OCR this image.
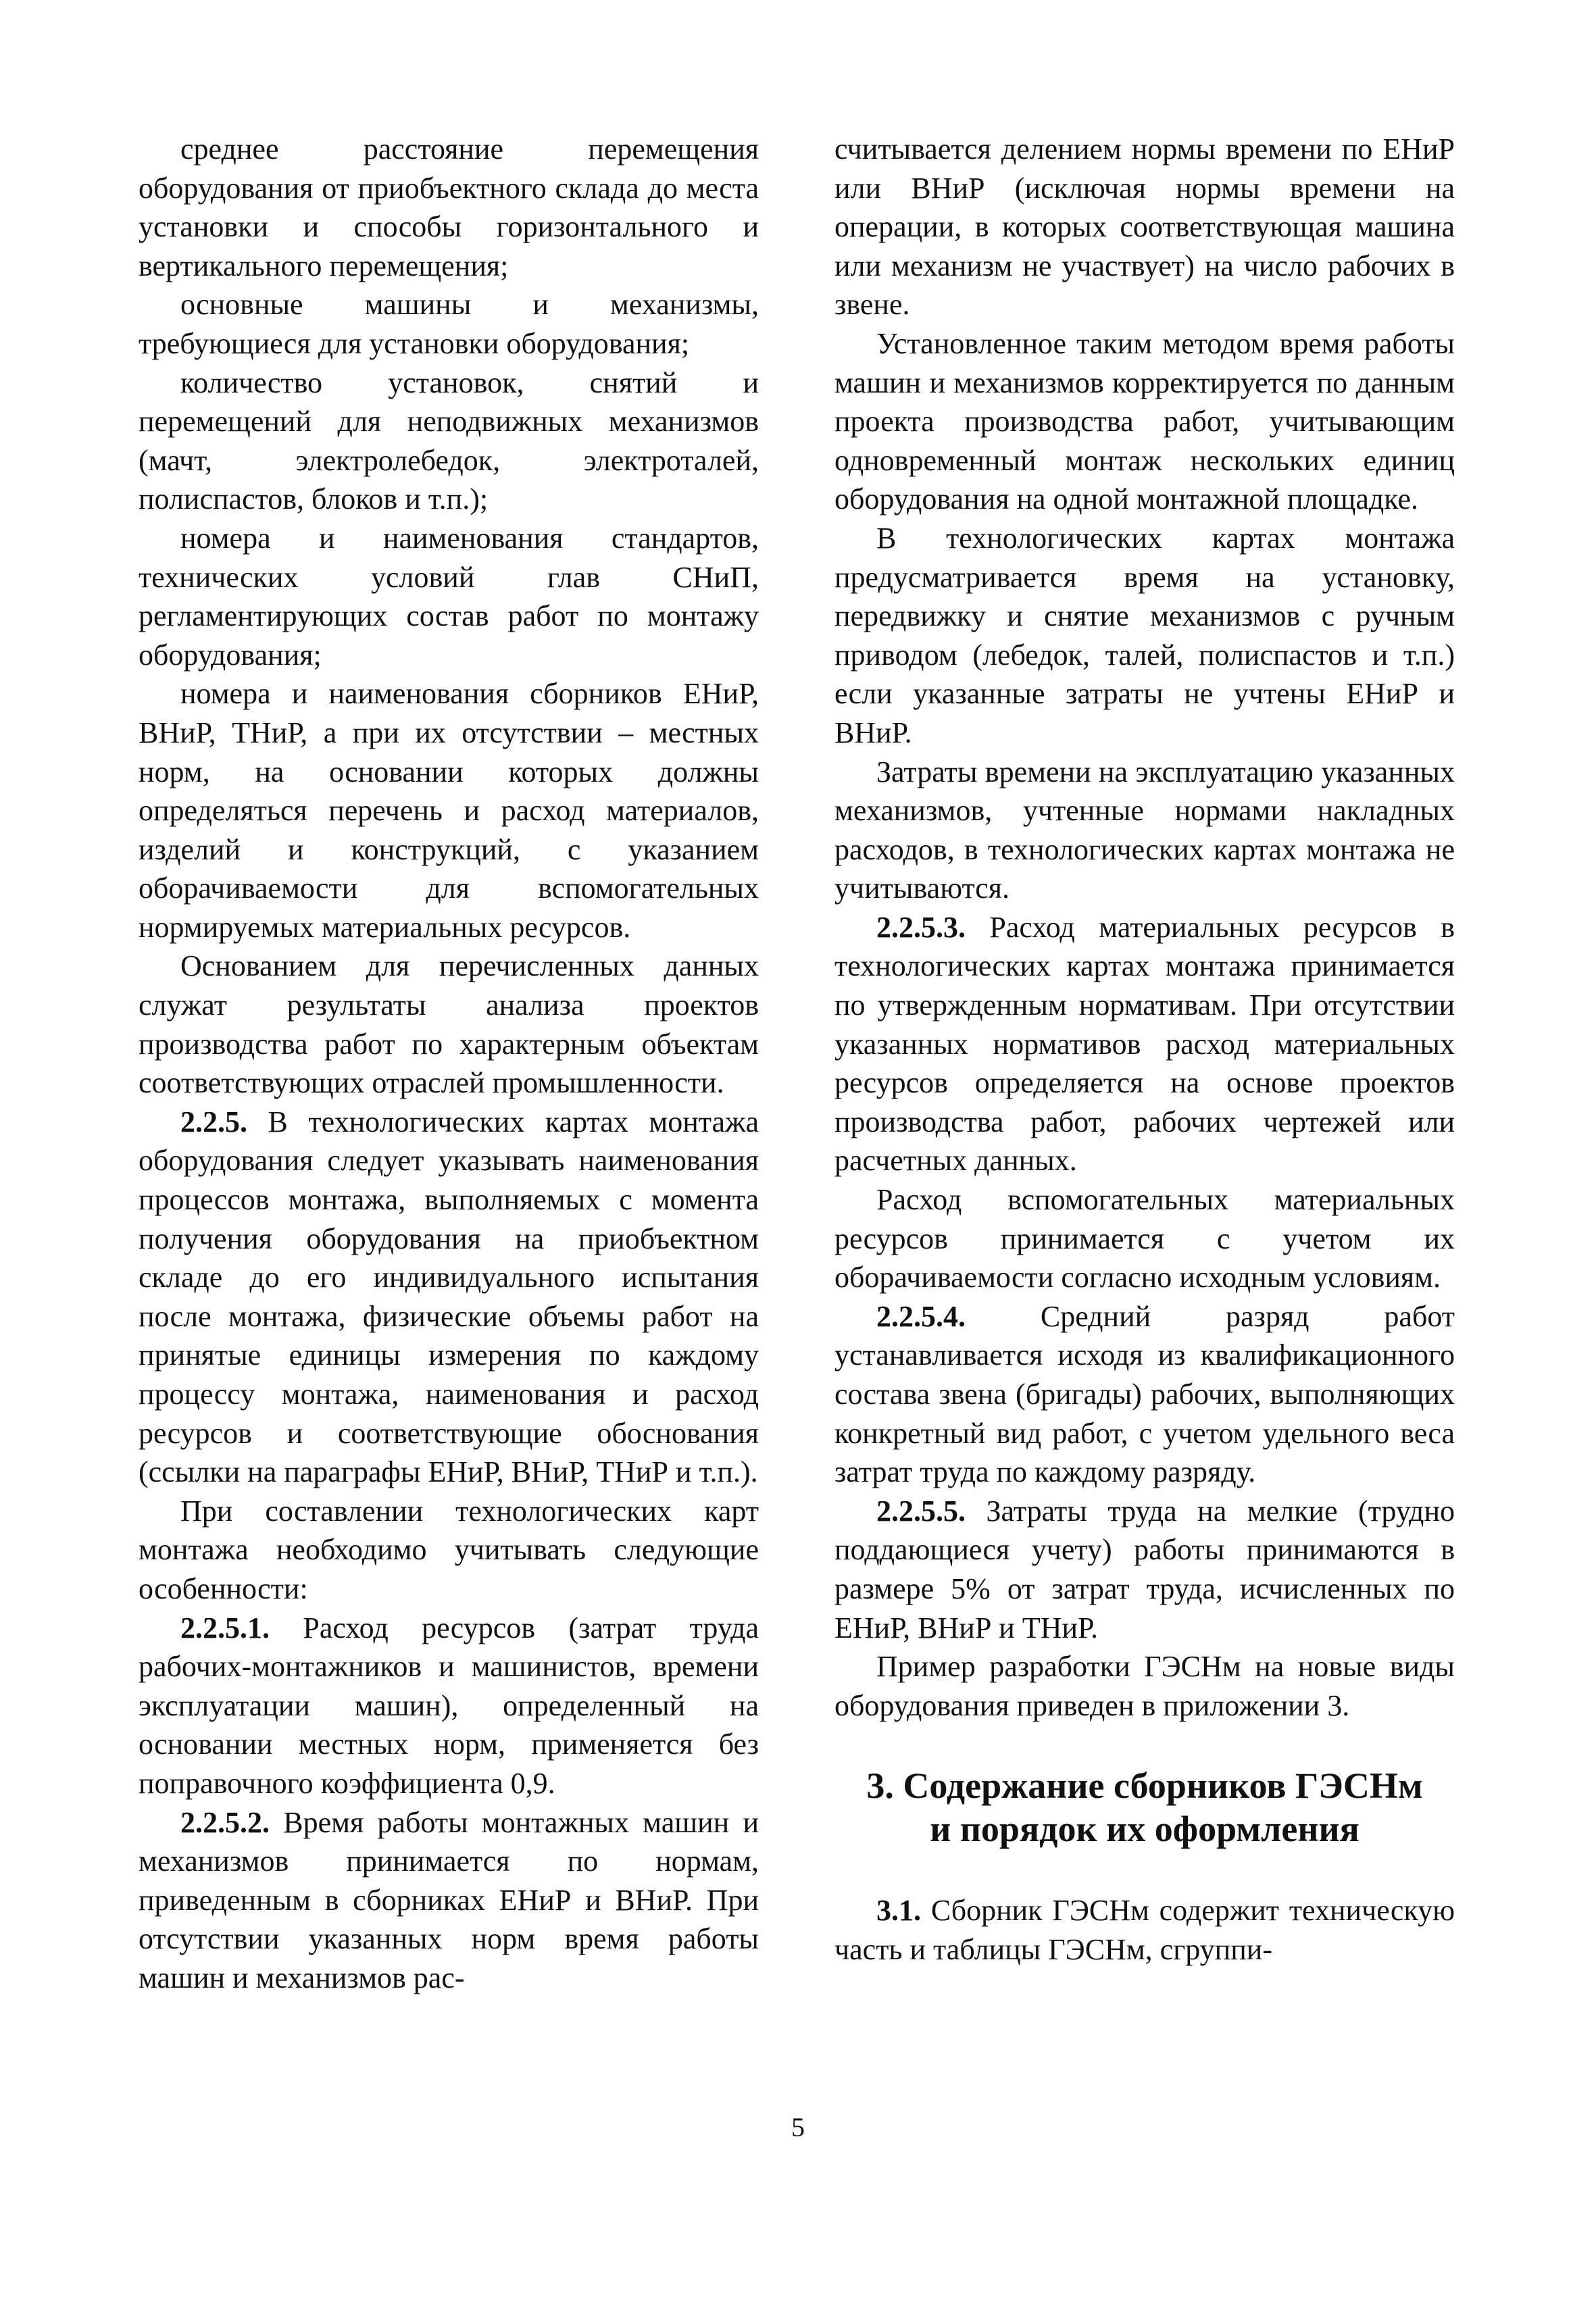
среднее расстояние перемещения оборудования от приобъектного склада до места установки и способы горизонтального и вертикального перемещения;

основные машины и механизмы, требующиеся для установки оборудования;

количество установок, снятий и перемещений для неподвижных механизмов (мачт, электролебедок, электроталей, полиспастов, блоков и т.п.);

номера и наименования стандартов, технических условий глав СНиП, регламентирующих состав работ по монтажу оборудования;

номера и наименования сборников ЕНиР, ВНиР, ТНиР, а при их отсутствии – местных норм, на основании которых должны определяться перечень и расход материалов, изделий и конструкций, с указанием оборачиваемости для вспомогательных нормируемых материальных ресурсов.

Основанием для перечисленных данных служат результаты анализа проектов производства работ по характерным объектам соответствующих отраслей промышленности.

2.2.5. В технологических картах монтажа оборудования следует указывать наименования процессов монтажа, выполняемых с момента получения оборудования на приобъектном складе до его индивидуального испытания после монтажа, физические объемы работ на принятые единицы измерения по каждому процессу монтажа, наименования и расход ресурсов и соответствующие обоснования (ссылки на параграфы ЕНиР, ВНиР, ТНиР и т.п.).

При составлении технологических карт монтажа необходимо учитывать следующие особенности:

2.2.5.1. Расход ресурсов (затрат труда рабочих-монтажников и машинистов, времени эксплуатации машин), определенный на основании местных норм, применяется без поправочного коэффициента 0,9.

2.2.5.2. Время работы монтажных машин и механизмов принимается по нормам, приведенным в сборниках ЕНиР и ВНиР. При отсутствии указанных норм время работы машин и механизмов рас-

считывается делением нормы времени по ЕНиР или ВНиР (исключая нормы времени на операции, в которых соответствующая машина или механизм не участвует) на число рабочих в звене.

Установленное таким методом время работы машин и механизмов корректируется по данным проекта производства работ, учитывающим одновременный монтаж нескольких единиц оборудования на одной монтажной площадке.

В технологических картах монтажа предусматривается время на установку, передвижку и снятие механизмов с ручным приводом (лебедок, талей, полиспастов и т.п.) если указанные затраты не учтены ЕНиР и ВНиР.

Затраты времени на эксплуатацию указанных механизмов, учтенные нормами накладных расходов, в технологических картах монтажа не учитываются.

2.2.5.3. Расход материальных ресурсов в технологических картах монтажа принимается по утвержденным нормативам. При отсутствии указанных нормативов расход материальных ресурсов определяется на основе проектов производства работ, рабочих чертежей или расчетных данных.

Расход вспомогательных материальных ресурсов принимается с учетом их оборачиваемости согласно исходным условиям.

2.2.5.4. Средний разряд работ устанавливается исходя из квалификационного состава звена (бригады) рабочих, выполняющих конкретный вид работ, с учетом удельного веса затрат труда по каждому разряду.

2.2.5.5. Затраты труда на мелкие (трудно поддающиеся учету) работы принимаются в размере 5% от затрат труда, исчисленных по ЕНиР, ВНиР и ТНиР.

Пример разработки ГЭСНм на новые виды оборудования приведен в приложении 3.

3. Содержание сборников ГЭСНм
и порядок их оформления

3.1. Сборник ГЭСНм содержит техническую часть и таблицы ГЭСНм, сгруппи-

5
